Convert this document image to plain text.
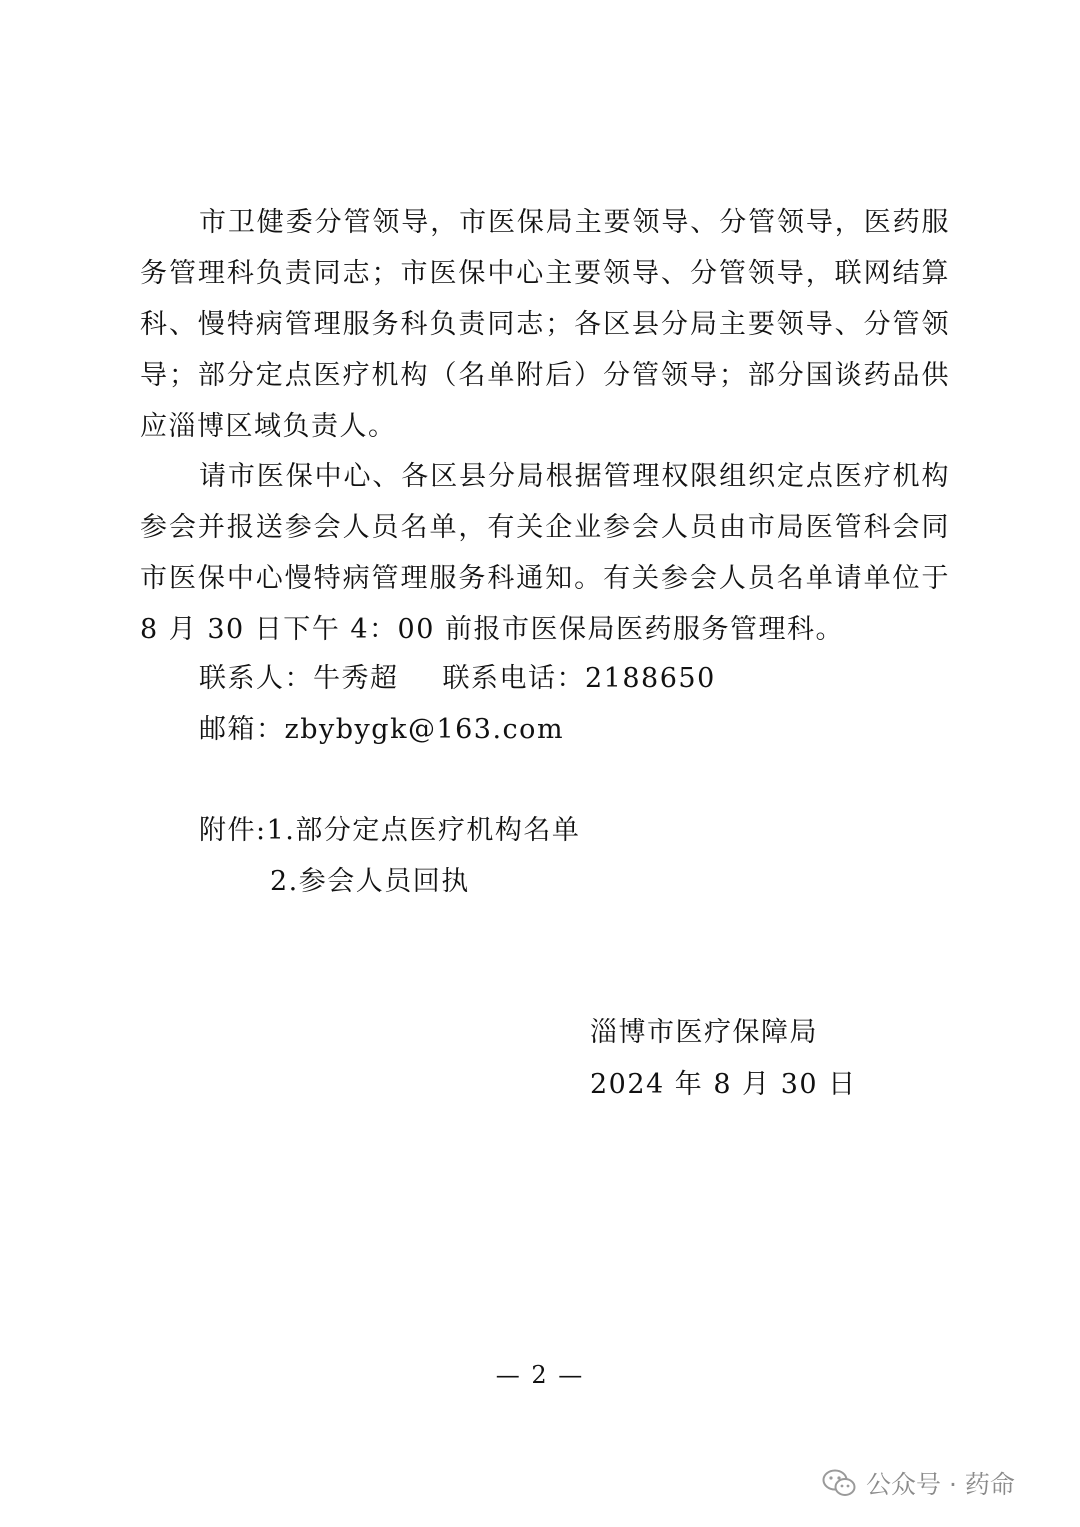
市卫健委分管领导，市医保局主要领导、分管领导，医药服务管理科负责同志；市医保中心主要领导、分管领导，联网结算科、慢特病管理服务科负责同志；各区县分局主要领导、分管领导；部分定点医疗机构（名单附后）分管领导；部分国谈药品供应淄博区域负责人。

请市医保中心、各区县分局根据管理权限组织定点医疗机构参会并报送参会人员名单，有关企业参会人员由市局医管科会同市医保中心慢特病管理服务科通知。有关参会人员名单请单位于8 月 30 日下午 4：00 前报市医保局医药服务管理科。

联系人：牛秀超 联系电话：2188650
邮箱：zbybygk@163.com
附件:1.部分定点医疗机构名单
2.参会人员回执
淄博市医疗保障局
2024 年 8 月 30 日
— 2 —
公众号 · 药命
